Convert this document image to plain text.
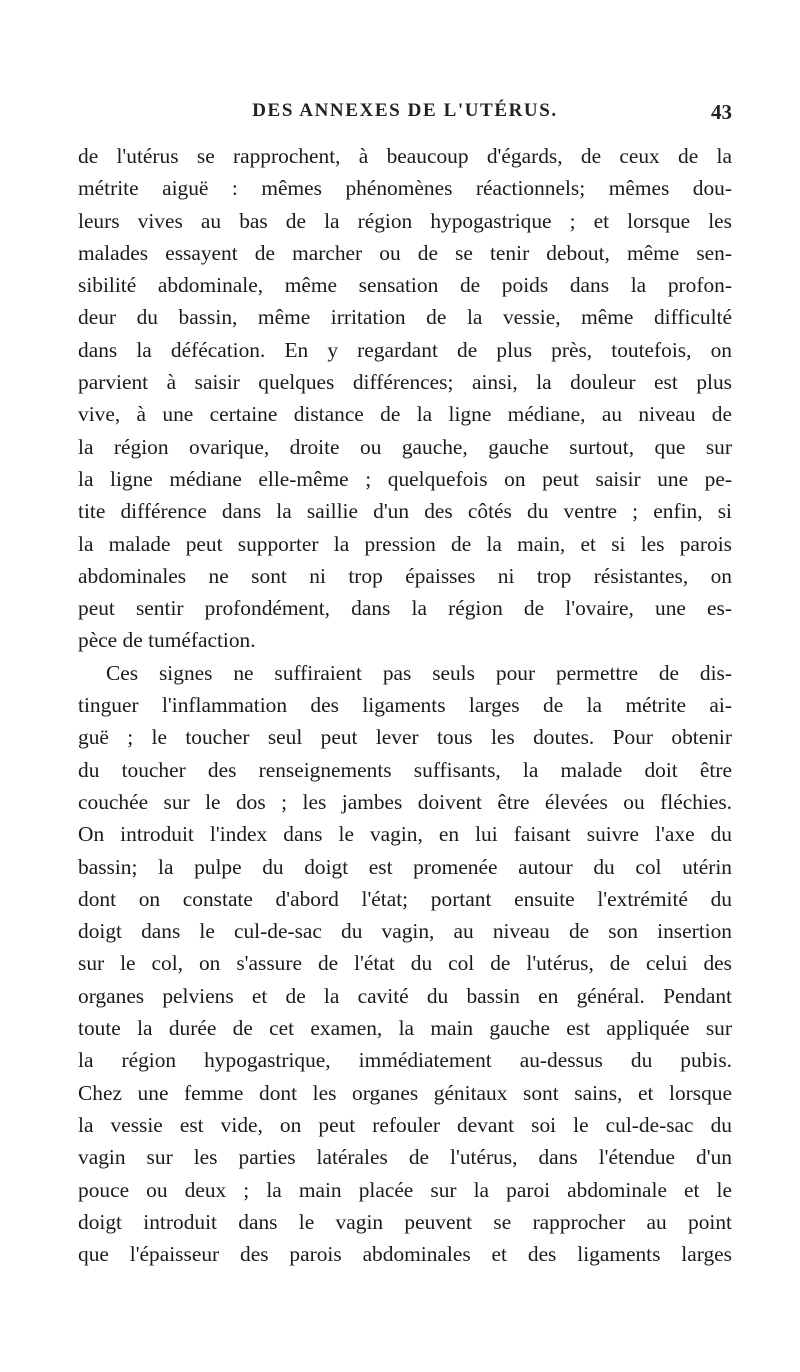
DES ANNEXES DE L'UTÉRUS.	43
de l'utérus se rapprochent, à beaucoup d'égards, de ceux de la
métrite aiguë : mêmes phénomènes réactionnels; mêmes dou-
leurs vives au bas de la région hypogastrique ; et lorsque les
malades essayent de marcher ou de se tenir debout, même sen-
sibilité abdominale, même sensation de poids dans la profon-
deur du bassin, même irritation de la vessie, même difficulté
dans la défécation. En y regardant de plus près, toutefois, on
parvient à saisir quelques différences; ainsi, la douleur est plus
vive, à une certaine distance de la ligne médiane, au niveau de
la région ovarique, droite ou gauche, gauche surtout, que sur
la ligne médiane elle-même ; quelquefois on peut saisir une pe-
tite différence dans la saillie d'un des côtés du ventre ; enfin, si
la malade peut supporter la pression de la main, et si les parois
abdominales ne sont ni trop épaisses ni trop résistantes, on
peut sentir profondément, dans la région de l'ovaire, une es-
pèce de tuméfaction.
Ces signes ne suffiraient pas seuls pour permettre de dis-
tinguer l'inflammation des ligaments larges de la métrite ai-
guë ; le toucher seul peut lever tous les doutes. Pour obtenir
du toucher des renseignements suffisants, la malade doit être
couchée sur le dos ; les jambes doivent être élevées ou fléchies.
On introduit l'index dans le vagin, en lui faisant suivre l'axe du
bassin; la pulpe du doigt est promenée autour du col utérin
dont on constate d'abord l'état; portant ensuite l'extrémité du
doigt dans le cul-de-sac du vagin, au niveau de son insertion
sur le col, on s'assure de l'état du col de l'utérus, de celui des
organes pelviens et de la cavité du bassin en général. Pendant
toute la durée de cet examen, la main gauche est appliquée sur
la région hypogastrique, immédiatement au-dessus du pubis.
Chez une femme dont les organes génitaux sont sains, et lorsque
la vessie est vide, on peut refouler devant soi le cul-de-sac du
vagin sur les parties latérales de l'utérus, dans l'étendue d'un
pouce ou deux ; la main placée sur la paroi abdominale et le
doigt introduit dans le vagin peuvent se rapprocher au point
que l'épaisseur des parois abdominales et des ligaments larges
